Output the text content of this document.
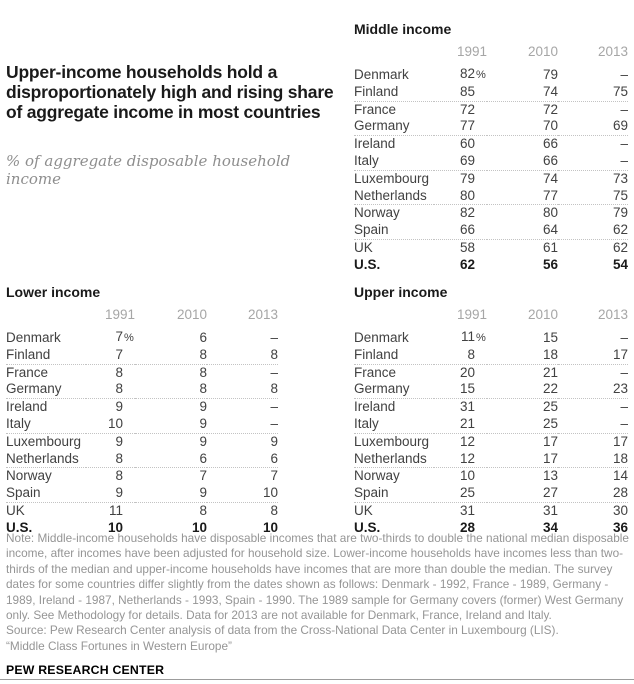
Upper-income households hold a disproportionately high and rising share of aggregate income in most countries
% of aggregate disposable household income
Middle income
	1991	2010	2013
Denmark	82%	79	–
Finland	85	74	75
France	72	72	–
Germany	77	70	69
Ireland	60	66	–
Italy	69	66	–
Luxembourg	79	74	73
Netherlands	80	77	75
Norway	82	80	79
Spain	66	64	62
UK	58	61	62
U.S.	62	56	54
Lower income
	1991	2010	2013
Denmark	7%	6	–
Finland	7	8	8
France	8	8	–
Germany	8	8	8
Ireland	9	9	–
Italy	10	9	–
Luxembourg	9	9	9
Netherlands	8	6	6
Norway	8	7	7
Spain	9	9	10
UK	11	8	8
U.S.	10	10	10
Upper income
	1991	2010	2013
Denmark	11%	15	–
Finland	8	18	17
France	20	21	–
Germany	15	22	23
Ireland	31	25	–
Italy	21	25	–
Luxembourg	12	17	17
Netherlands	12	17	18
Norway	10	13	14
Spain	25	27	28
UK	31	31	30
U.S.	28	34	36
Note: Middle-income households have disposable incomes that are two-thirds to double the national median disposable income, after incomes have been adjusted for household size. Lower-income households have incomes less than two-thirds of the median and upper-income households have incomes that are more than double the median. The survey dates for some countries differ slightly from the dates shown as follows: Denmark - 1992, France - 1989, Germany - 1989, Ireland - 1987, Netherlands - 1993, Spain - 1990. The 1989 sample for Germany covers (former) West Germany only. See Methodology for details. Data for 2013 are not available for Denmark, France, Ireland and Italy.
Source: Pew Research Center analysis of data from the Cross-National Data Center in Luxembourg (LIS).
“Middle Class Fortunes in Western Europe”
PEW RESEARCH CENTER
